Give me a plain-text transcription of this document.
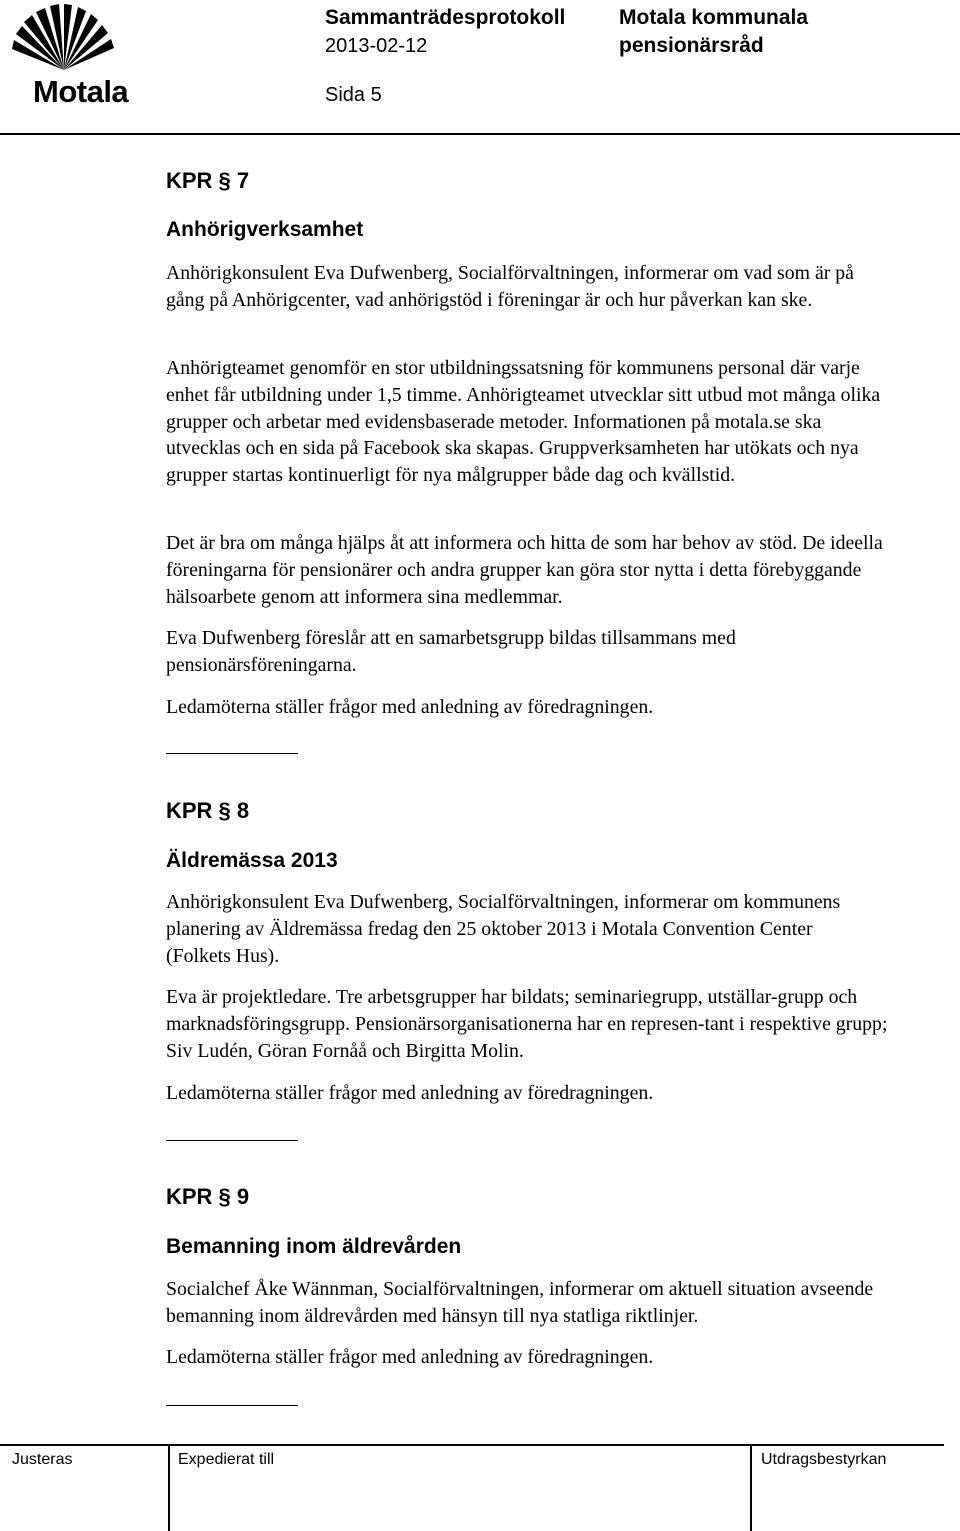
Motala
Sammanträdesprotokoll
2013-02-12
Sida 5
Motala kommunala
pensionärsråd
KPR § 7
Anhörigverksamhet

Anhörigkonsulent Eva Dufwenberg, Socialförvaltningen, informerar om vad som är på gång på Anhörigcenter, vad anhörigstöd i föreningar är och hur påverkan kan ske.

Anhörigteamet genomför en stor utbildningssatsning för kommunens personal där varje enhet får utbildning under 1,5 timme. Anhörigteamet utvecklar sitt utbud mot många olika grupper och arbetar med evidensbaserade metoder. Informationen på motala.se ska utvecklas och en sida på Facebook ska skapas. Gruppverksamheten har utökats och nya grupper startas kontinuerligt för nya målgrupper både dag och kvällstid.

Det är bra om många hjälps åt att informera och hitta de som har behov av stöd. De ideella föreningarna för pensionärer och andra grupper kan göra stor nytta i detta förebyggande hälsoarbete genom att informera sina medlemmar.

Eva Dufwenberg föreslår att en samarbetsgrupp bildas tillsammans med pensionärsföreningarna.

Ledamöterna ställer frågor med anledning av föredragningen.

KPR § 8
Äldremässa 2013

Anhörigkonsulent Eva Dufwenberg, Socialförvaltningen, informerar om kommunens planering av Äldremässa fredag den 25 oktober 2013 i Motala Convention Center (Folkets Hus).

Eva är projektledare. Tre arbetsgrupper har bildats; seminariegrupp, utställar-grupp och marknadsföringsgrupp. Pensionärsorganisationerna har en represen-tant i respektive grupp; Siv Ludén, Göran Fornåå och Birgitta Molin.

Ledamöterna ställer frågor med anledning av föredragningen.

KPR § 9
Bemanning inom äldrevården

Socialchef Åke Wännman, Socialförvaltningen, informerar om aktuell situation avseende bemanning inom äldrevården med hänsyn till nya statliga riktlinjer.

Ledamöterna ställer frågor med anledning av föredragningen.

Justeras	Expedierat till	Utdragsbestyrkan
